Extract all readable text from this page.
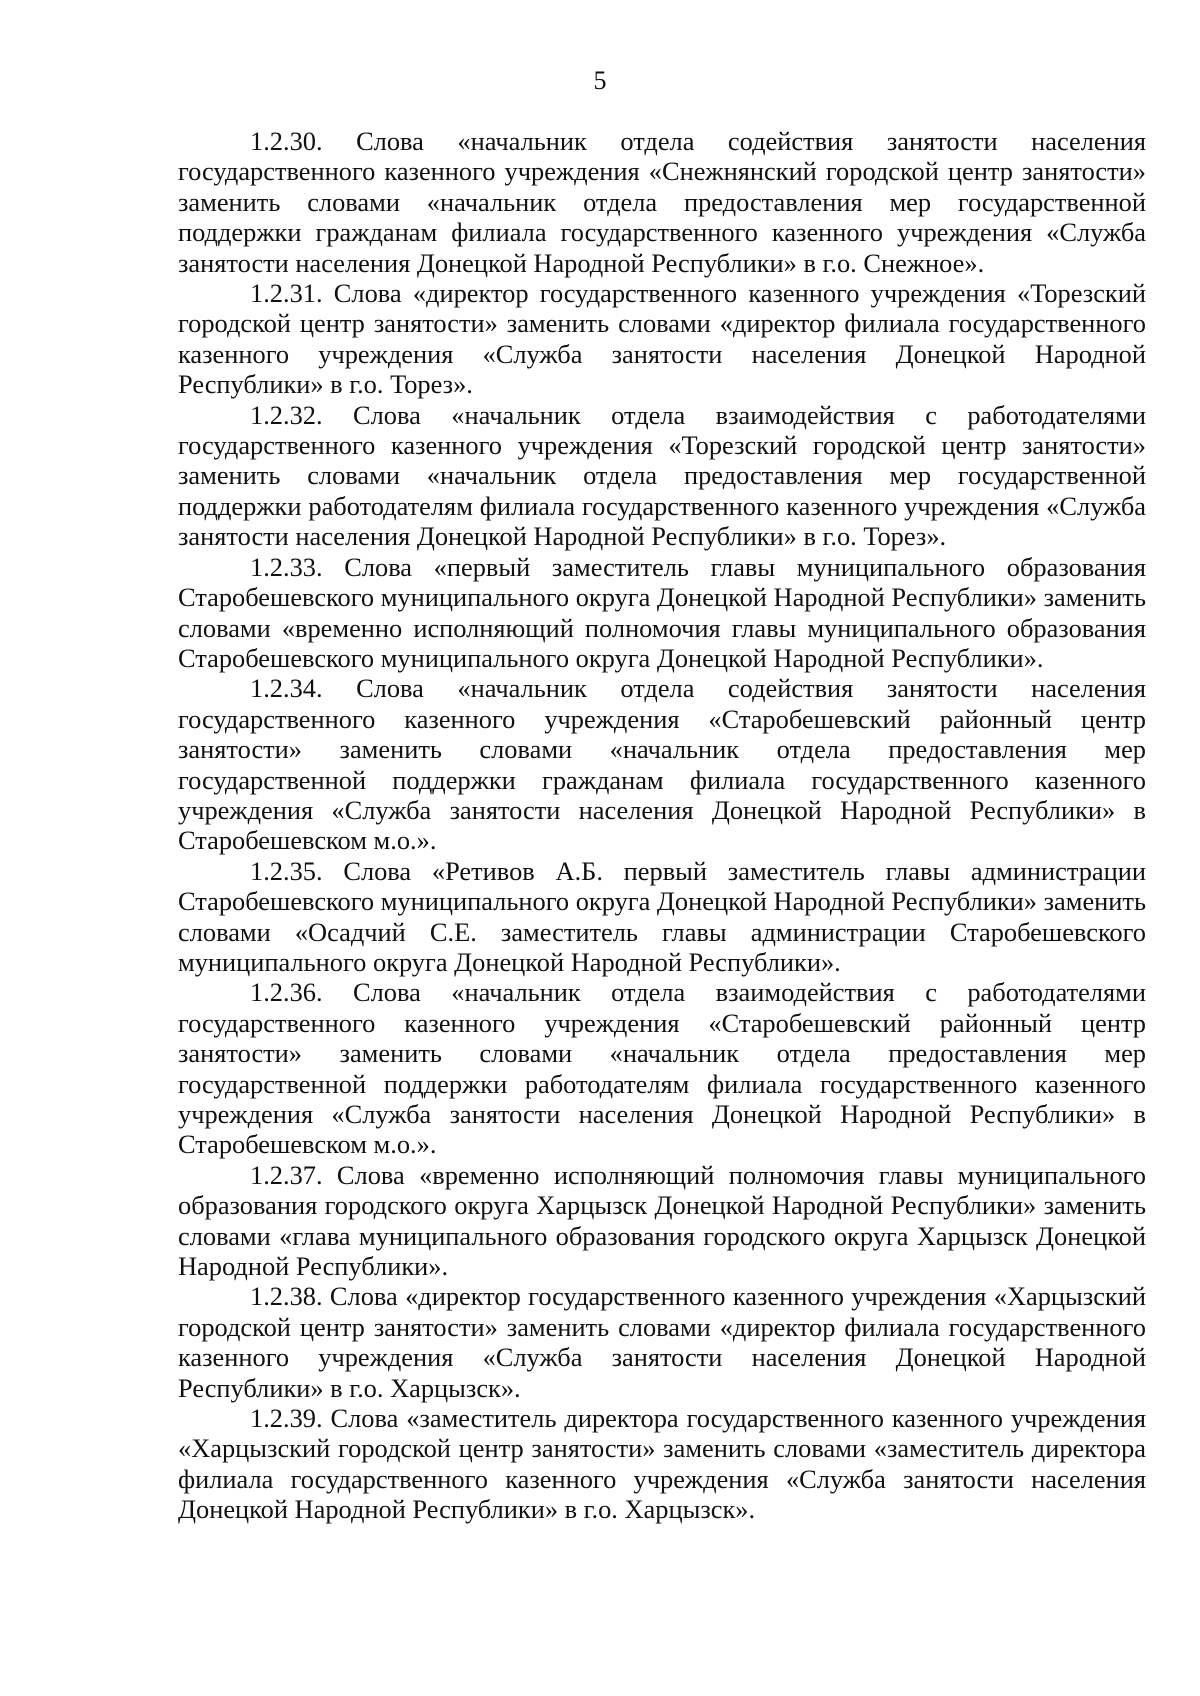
5

1.2.30. Слова «начальник отдела содействия занятости населения государственного казенного учреждения «Снежнянский городской центр занятости» заменить словами «начальник отдела предоставления мер государственной поддержки гражданам филиала государственного казенного учреждения «Служба занятости населения Донецкой Народной Республики» в г.о. Снежное».

1.2.31. Слова «директор государственного казенного учреждения «Торезский городской центр занятости» заменить словами «директор филиала государственного казенного учреждения «Служба занятости населения Донецкой Народной Республики» в г.о. Торез».

1.2.32. Слова «начальник отдела взаимодействия с работодателями государственного казенного учреждения «Торезский городской центр занятости» заменить словами «начальник отдела предоставления мер государственной поддержки работодателям филиала государственного казенного учреждения «Служба занятости населения Донецкой Народной Республики» в г.о. Торез».

1.2.33. Слова «первый заместитель главы муниципального образования Старобешевского муниципального округа Донецкой Народной Республики» заменить словами «временно исполняющий полномочия главы муниципального образования Старобешевского муниципального округа Донецкой Народной Республики».

1.2.34. Слова «начальник отдела содействия занятости населения государственного казенного учреждения «Старобешевский районный центр занятости» заменить словами «начальник отдела предоставления мер государственной поддержки гражданам филиала государственного казенного учреждения «Служба занятости населения Донецкой Народной Республики» в Старобешевском м.о.».

1.2.35. Слова «Ретивов А.Б. первый заместитель главы администрации Старобешевского муниципального округа Донецкой Народной Республики» заменить словами «Осадчий С.Е. заместитель главы администрации Старобешевского муниципального округа Донецкой Народной Республики».

1.2.36. Слова «начальник отдела взаимодействия с работодателями государственного казенного учреждения «Старобешевский районный центр занятости» заменить словами «начальник отдела предоставления мер государственной поддержки работодателям филиала государственного казенного учреждения «Служба занятости населения Донецкой Народной Республики» в Старобешевском м.о.».

1.2.37. Слова «временно исполняющий полномочия главы муниципального образования городского округа Харцызск Донецкой Народной Республики» заменить словами «глава муниципального образования городского округа Харцызск Донецкой Народной Республики».

1.2.38. Слова «директор государственного казенного учреждения «Харцызский городской центр занятости» заменить словами «директор филиала государственного казенного учреждения «Служба занятости населения Донецкой Народной Республики» в г.о. Харцызск».

1.2.39. Слова «заместитель директора государственного казенного учреждения «Харцызский городской центр занятости» заменить словами «заместитель директора филиала государственного казенного учреждения «Служба занятости населения Донецкой Народной Республики» в г.о. Харцызск».
